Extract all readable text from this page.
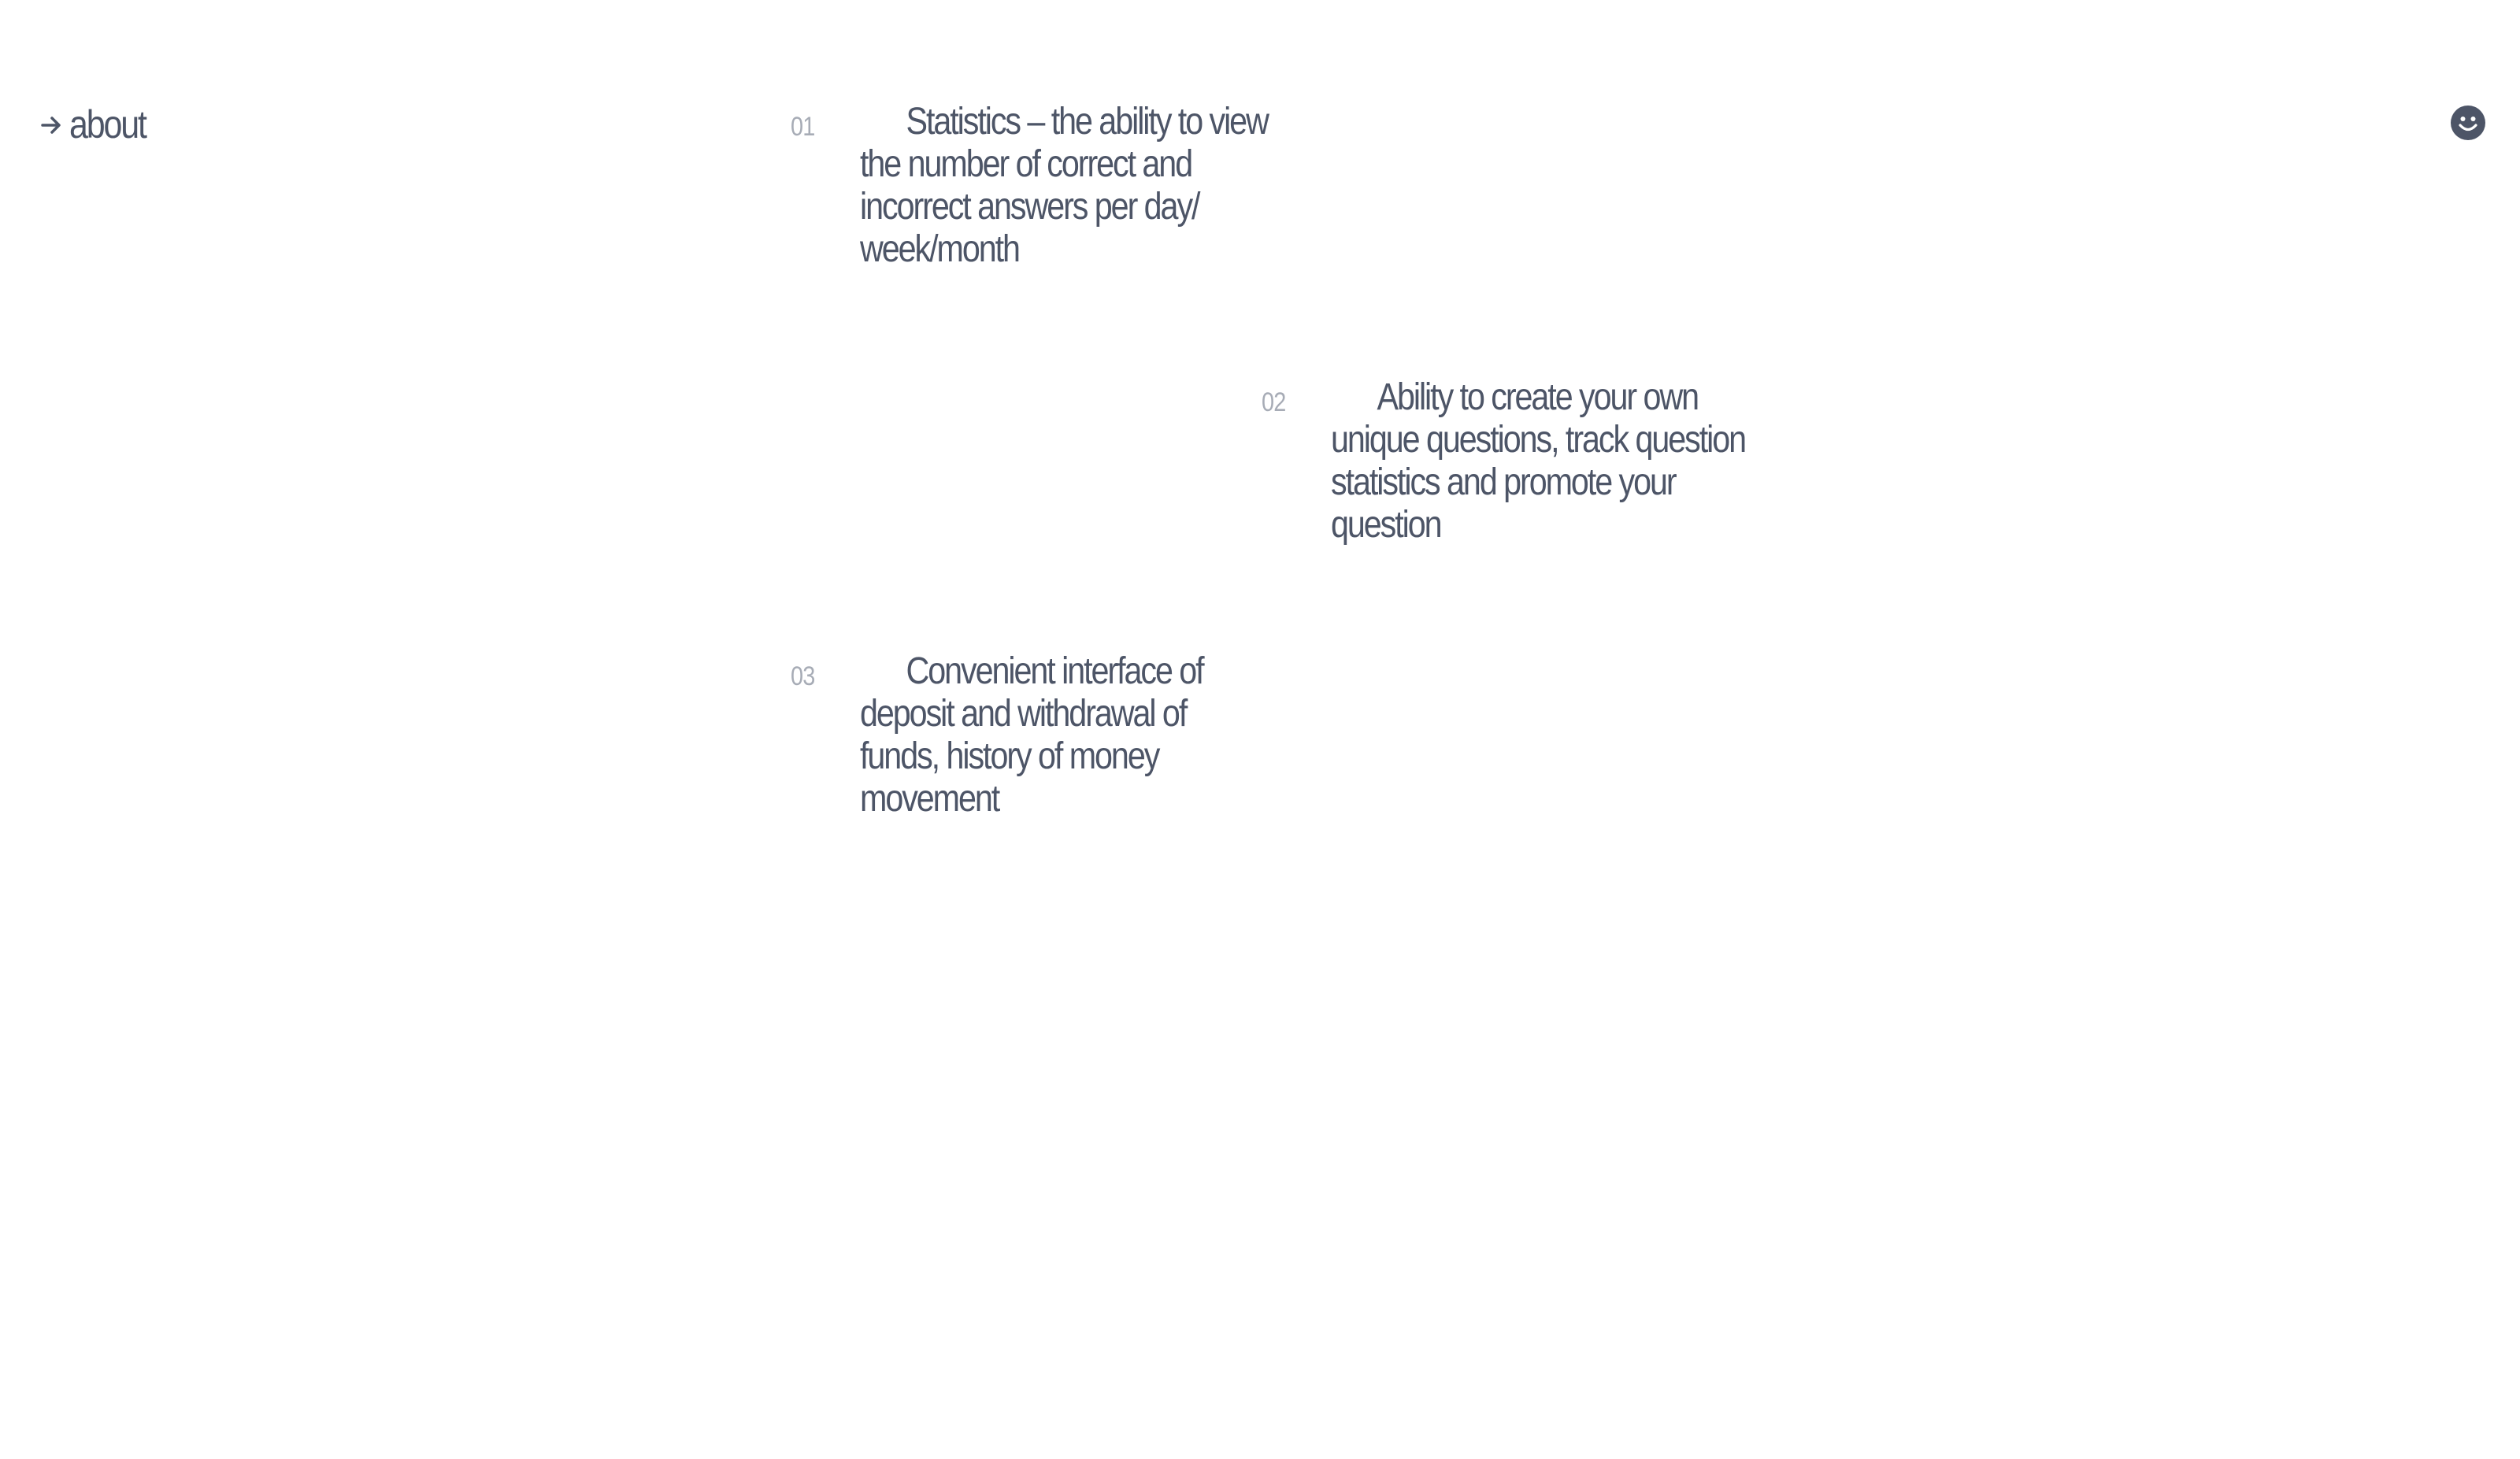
about	01	Statistics – the ability to view the number of correct and incorrect answers per day/ week/month
02	Ability to create your own unique questions, track question statistics and promote your question
03	Convenient interface of deposit and withdrawal of funds, history of money movement
